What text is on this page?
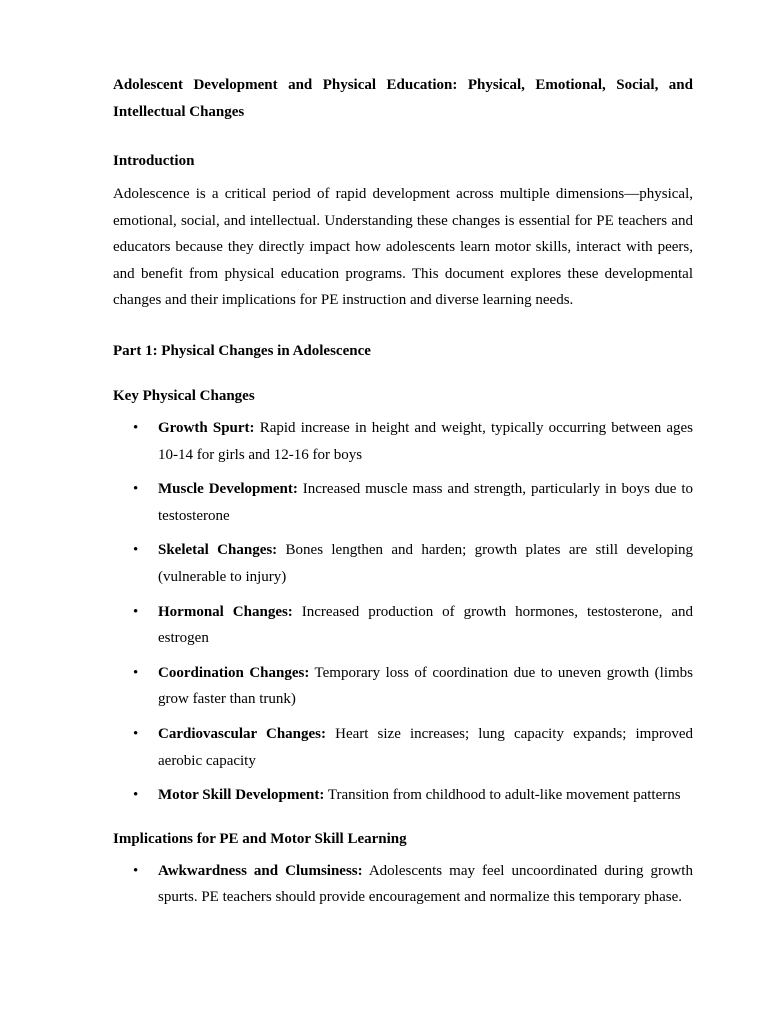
Adolescent Development and Physical Education: Physical, Emotional, Social, and Intellectual Changes

Introduction

Adolescence is a critical period of rapid development across multiple dimensions—physical, emotional, social, and intellectual. Understanding these changes is essential for PE teachers and educators because they directly impact how adolescents learn motor skills, interact with peers, and benefit from physical education programs. This document explores these developmental changes and their implications for PE instruction and diverse learning needs.

Part 1: Physical Changes in Adolescence

Key Physical Changes

• Growth Spurt: Rapid increase in height and weight, typically occurring between ages 10-14 for girls and 12-16 for boys
• Muscle Development: Increased muscle mass and strength, particularly in boys due to testosterone
• Skeletal Changes: Bones lengthen and harden; growth plates are still developing (vulnerable to injury)
• Hormonal Changes: Increased production of growth hormones, testosterone, and estrogen
• Coordination Changes: Temporary loss of coordination due to uneven growth (limbs grow faster than trunk)
• Cardiovascular Changes: Heart size increases; lung capacity expands; improved aerobic capacity
• Motor Skill Development: Transition from childhood to adult-like movement patterns

Implications for PE and Motor Skill Learning

• Awkwardness and Clumsiness: Adolescents may feel uncoordinated during growth spurts. PE teachers should provide encouragement and normalize this temporary phase.
